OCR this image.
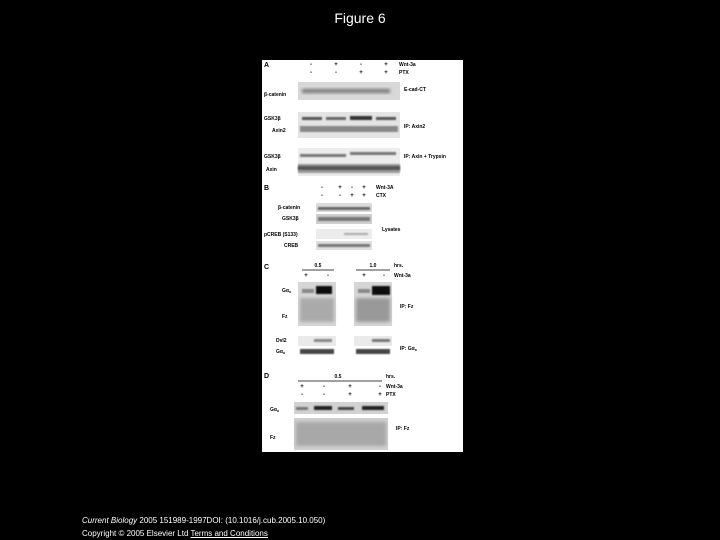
Figure 6
A	-	+	-	+ Wnt-3a
-	-	+	+ PTX
β-catenin
E-cad-CT
GSK3β
Axin2
IP: Axin2
GSK3β
Axin
IP: Axin + Trypsin
B	-	+ - + Wnt-3A
-	- + + CTX
β-catenin
GSK3β
pCREB (S133)
CREB
Lysates
C	0.5	1.0	hrs.
+	-	+	- Wnt-3a
$G\alpha_o$
Fz
IP: Fz
Dvl2
$G\alpha_o$
IP: $G\alpha_o$
D	0.5	hrs.
+	-	+	- Wnt-3a
-	-	+	+ PTX
$G\alpha_o$
Fz
IP: Fz
Current Biology 2005 151989-1997DOI: (10.1016/j.cub.2005.10.050)
Copyright © 2005 Elsevier Ltd Terms and Conditions
